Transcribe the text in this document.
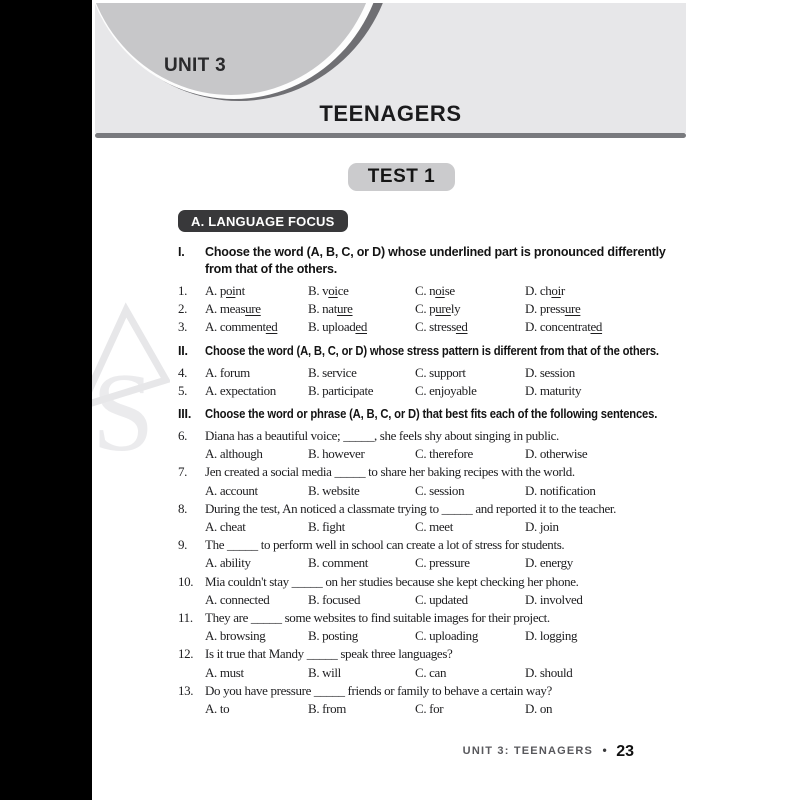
S
UNIT 3
TEENAGERS
TEST 1
A. LANGUAGE FOCUS
I.	Choose the word (A, B, C, or D) whose underlined part is pronounced differently from that of the others.
1.	A. point	B. voice	C. noise	D. choir
2.	A. measure	B. nature	C. purely	D. pressure
3.	A. commented	B. uploaded	C. stressed	D. concentrated
II.	Choose the word (A, B, C, or D) whose stress pattern is different from that of the others.
4.	A. forum	B. service	C. support	D. session
5.	A. expectation	B. participate	C. enjoyable	D. maturity
III.	Choose the word or phrase (A, B, C, or D) that best fits each of the following sentences.
6.	Diana has a beautiful voice; _____, she feels shy about singing in public.
A. although	B. however	C. therefore	D. otherwise
7.	Jen created a social media _____ to share her baking recipes with the world.
A. account	B. website	C. session	D. notification
8.	During the test, An noticed a classmate trying to _____ and reported it to the teacher.
A. cheat	B. fight	C. meet	D. join
9.	The _____ to perform well in school can create a lot of stress for students.
A. ability	B. comment	C. pressure	D. energy
10. Mia couldn't stay _____ on her studies because she kept checking her phone.
A. connected	B. focused	C. updated	D. involved
11. They are _____ some websites to find suitable images for their project.
A. browsing	B. posting	C. uploading	D. logging
12. Is it true that Mandy _____ speak three languages?
A. must	B. will	C. can	D. should
13. Do you have pressure _____ friends or family to behave a certain way?
A. to	B. from	C. for	D. on
UNIT 3: TEENAGERS • 23
